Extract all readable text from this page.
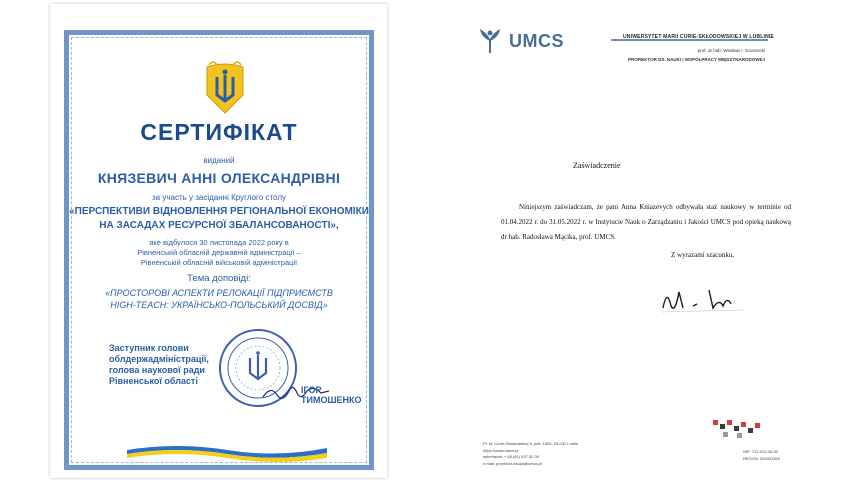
СЕРТИФІКАТ
виданий
КНЯЗЕВИЧ АННІ ОЛЕКСАНДРІВНІ
за участь у засіданні Круглого столу
«ПЕРСПЕКТИВИ ВІДНОВЛЕННЯ РЕГІОНАЛЬНОЇ ЕКОНОМІКИ
НА ЗАСАДАХ РЕСУРСНОЇ ЗБАЛАНСОВАНОСТІ»,
яке відбулося 30 листопада 2022 року в
Рівненській обласній державній адміністрації –
Рівненській обласній військовій адміністрації
Тема доповіді:
«ПРОСТОРОВІ АСПЕКТИ РЕЛОКАЦІЇ ПІДПРИЄМСТВ
HIGH-TEACH: УКРАЇНСЬКО-ПОЛЬСЬКИЙ ДОСВІД»
Заступник голови
облдержадміністрації,
голова наукової ради
Рівненської області
ІГОР ТИМОШЕНКО
UMCS	UNIWERSYTET MARII CURIE-SKŁODOWSKIEJ W LUBLINIE
prof. dr hab. Wiesław I. Gruszecki
PROREKTOR DS. NAUKI I WSPÓŁPRACY MIĘDZYNARODOWEJ
Zaświadczenie
Niniejszym zaświadczam, że pani Anna Kniazevych odbywała staż naukowy w terminie od 01.04.2022 r. do 31.05.2022 r. w Instytucie Nauk o Zarządzaniu i Jakości UMCS pod opieką naukową dr hab. Radosława Mącika, prof. UMCS.
Z wyrazami szacunku,
Pl. M. Curie-Skłodowskiej 5, pok. 1505, 20-031 Lublin
https://www.umcs.pl
sekretariat: + 48 (81) 537 52 05
e-mail: prorektor.nauka@umcs.pl
NIP: 712-010-36-92
REGON: 000001353
